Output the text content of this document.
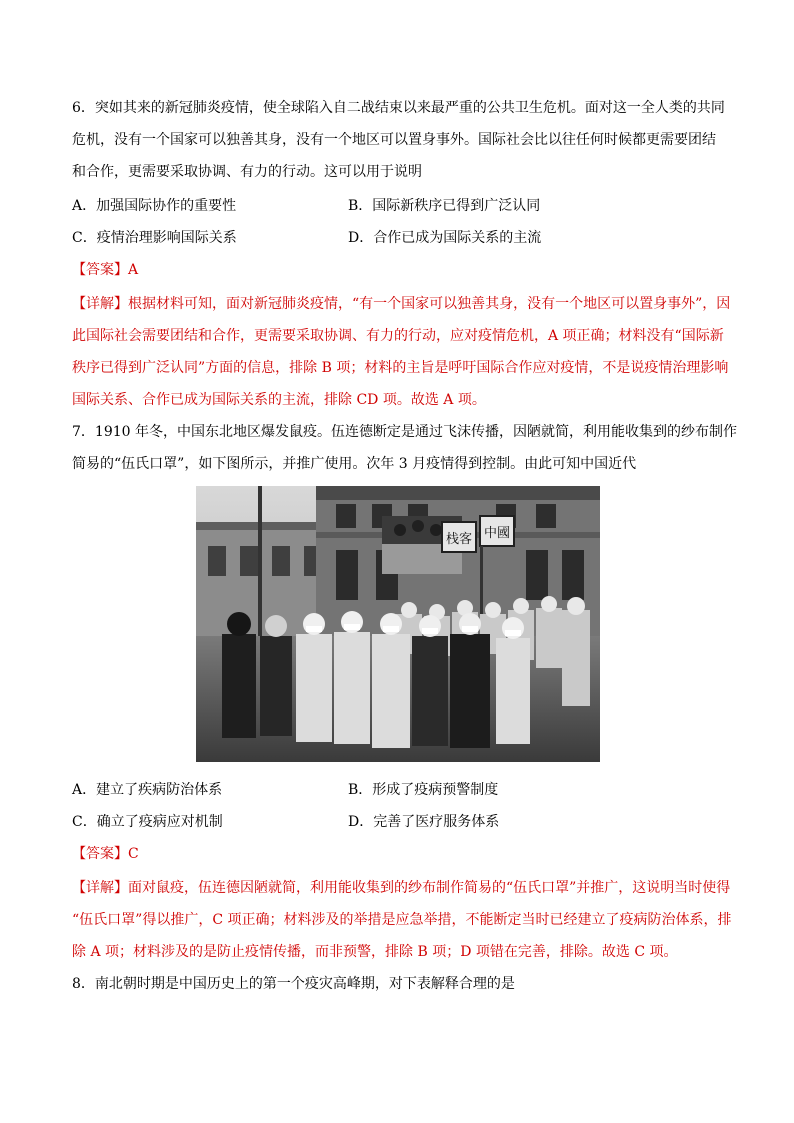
6．突如其来的新冠肺炎疫情，使全球陷入自二战结束以来最严重的公共卫生危机。面对这一全人类的共同
危机，没有一个国家可以独善其身，没有一个地区可以置身事外。国际社会比以往任何时候都更需要团结
和合作，更需要采取协调、有力的行动。这可以用于说明
A．加强国际协作的重要性	B．国际新秩序已得到广泛认同
C．疫情治理影响国际关系	D．合作已成为国际关系的主流
【答案】A
【详解】根据材料可知，面对新冠肺炎疫情，“有一个国家可以独善其身，没有一个地区可以置身事外”，因
此国际社会需要团结和合作，更需要采取协调、有力的行动，应对疫情危机，A 项正确；材料没有“国际新
秩序已得到广泛认同”方面的信息，排除 B 项；材料的主旨是呼吁国际合作应对疫情，不是说疫情治理影响
国际关系、合作已成为国际关系的主流，排除 CD 项。故选 A 项。
7．1910 年冬，中国东北地区爆发鼠疫。伍连德断定是通过飞沫传播，因陋就简，利用能收集到的纱布制作
简易的“伍氏口罩”，如下图所示，并推广使用。次年 3 月疫情得到控制。由此可知中国近代
栈客 中國
A．建立了疾病防治体系	B．形成了疫病预警制度
C．确立了疫病应对机制	D．完善了医疗服务体系
【答案】C
【详解】面对鼠疫，伍连德因陋就简，利用能收集到的纱布制作简易的“伍氏口罩”并推广，这说明当时使得
“伍氏口罩”得以推广，C 项正确；材料涉及的举措是应急举措，不能断定当时已经建立了疫病防治体系，排
除 A 项；材料涉及的是防止疫情传播，而非预警，排除 B 项；D 项错在完善，排除。故选 C 项。
8．南北朝时期是中国历史上的第一个疫灾高峰期，对下表解释合理的是
